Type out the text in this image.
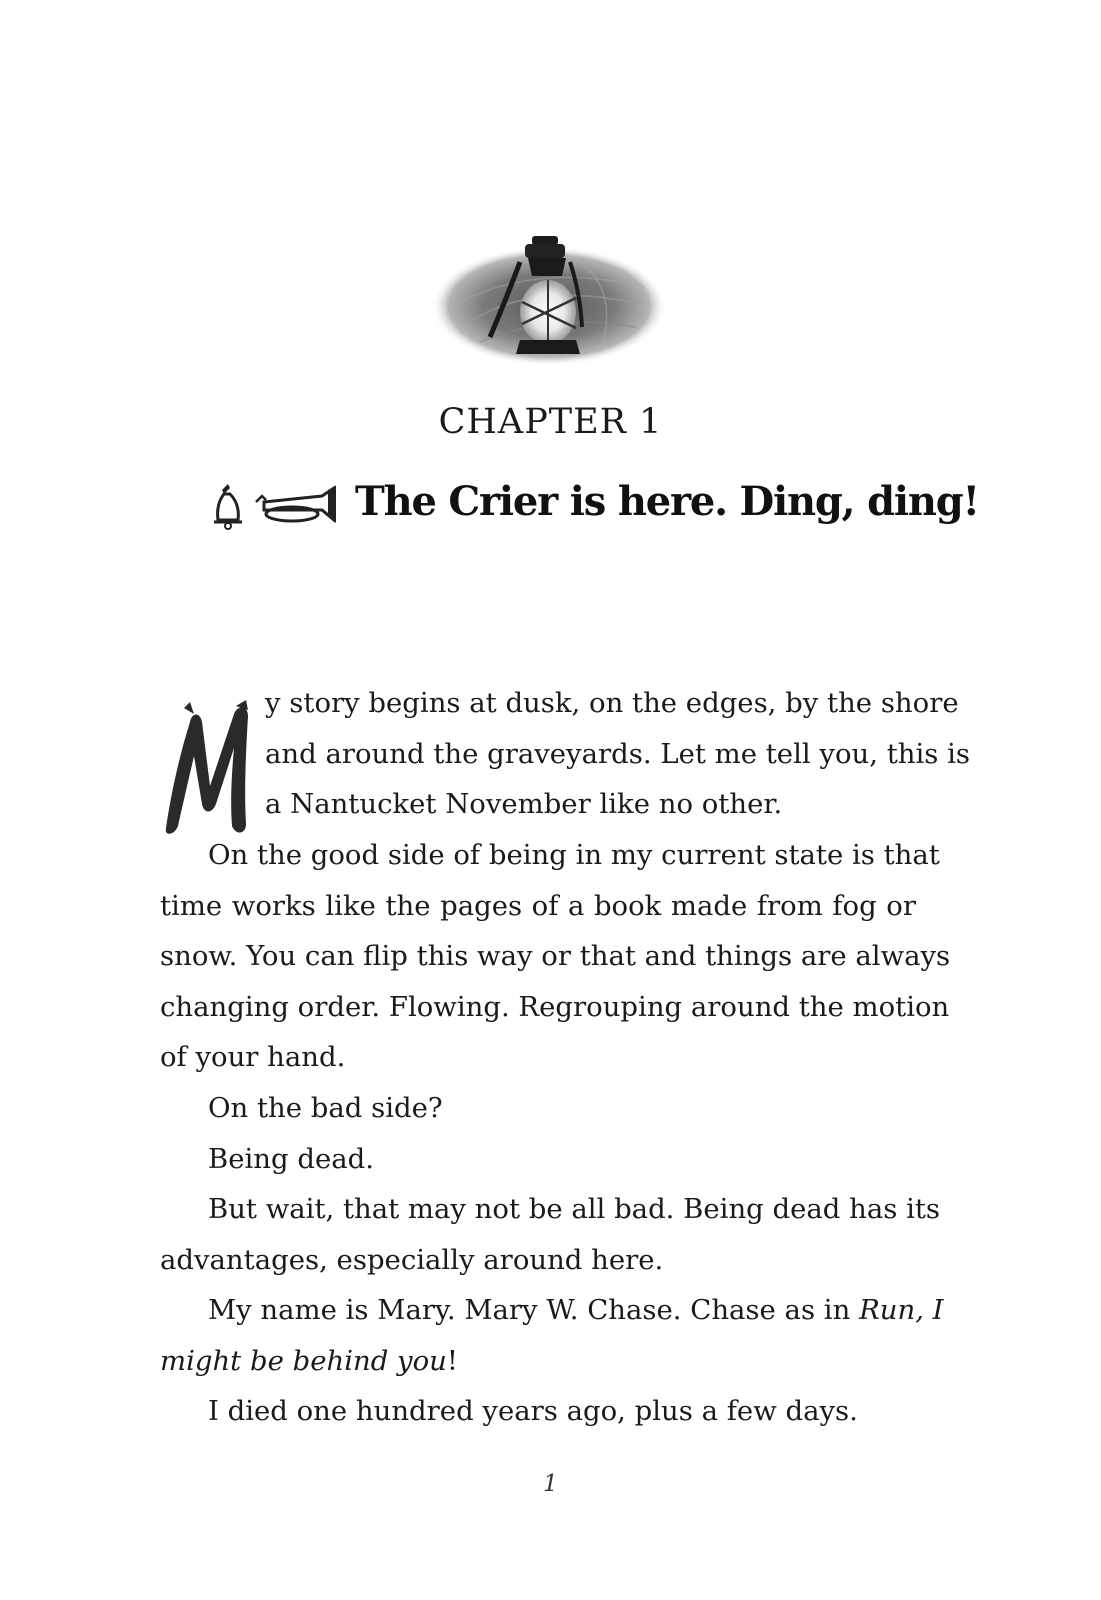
CHAPTER 1
The Crier is here. Ding, ding!
y story begins at dusk, on the edges, by the shore
and around the graveyards. Let me tell you, this is
a Nantucket November like no other.
On the good side of being in my current state is that
time works like the pages of a book made from fog or
snow. You can flip this way or that and things are always
changing order. Flowing. Regrouping around the motion
of your hand.
On the bad side?
Being dead.
But wait, that may not be all bad. Being dead has its
advantages, especially around here.
My name is Mary. Mary W. Chase. Chase as in Run, I
might be behind you!
I died one hundred years ago, plus a few days.
1
